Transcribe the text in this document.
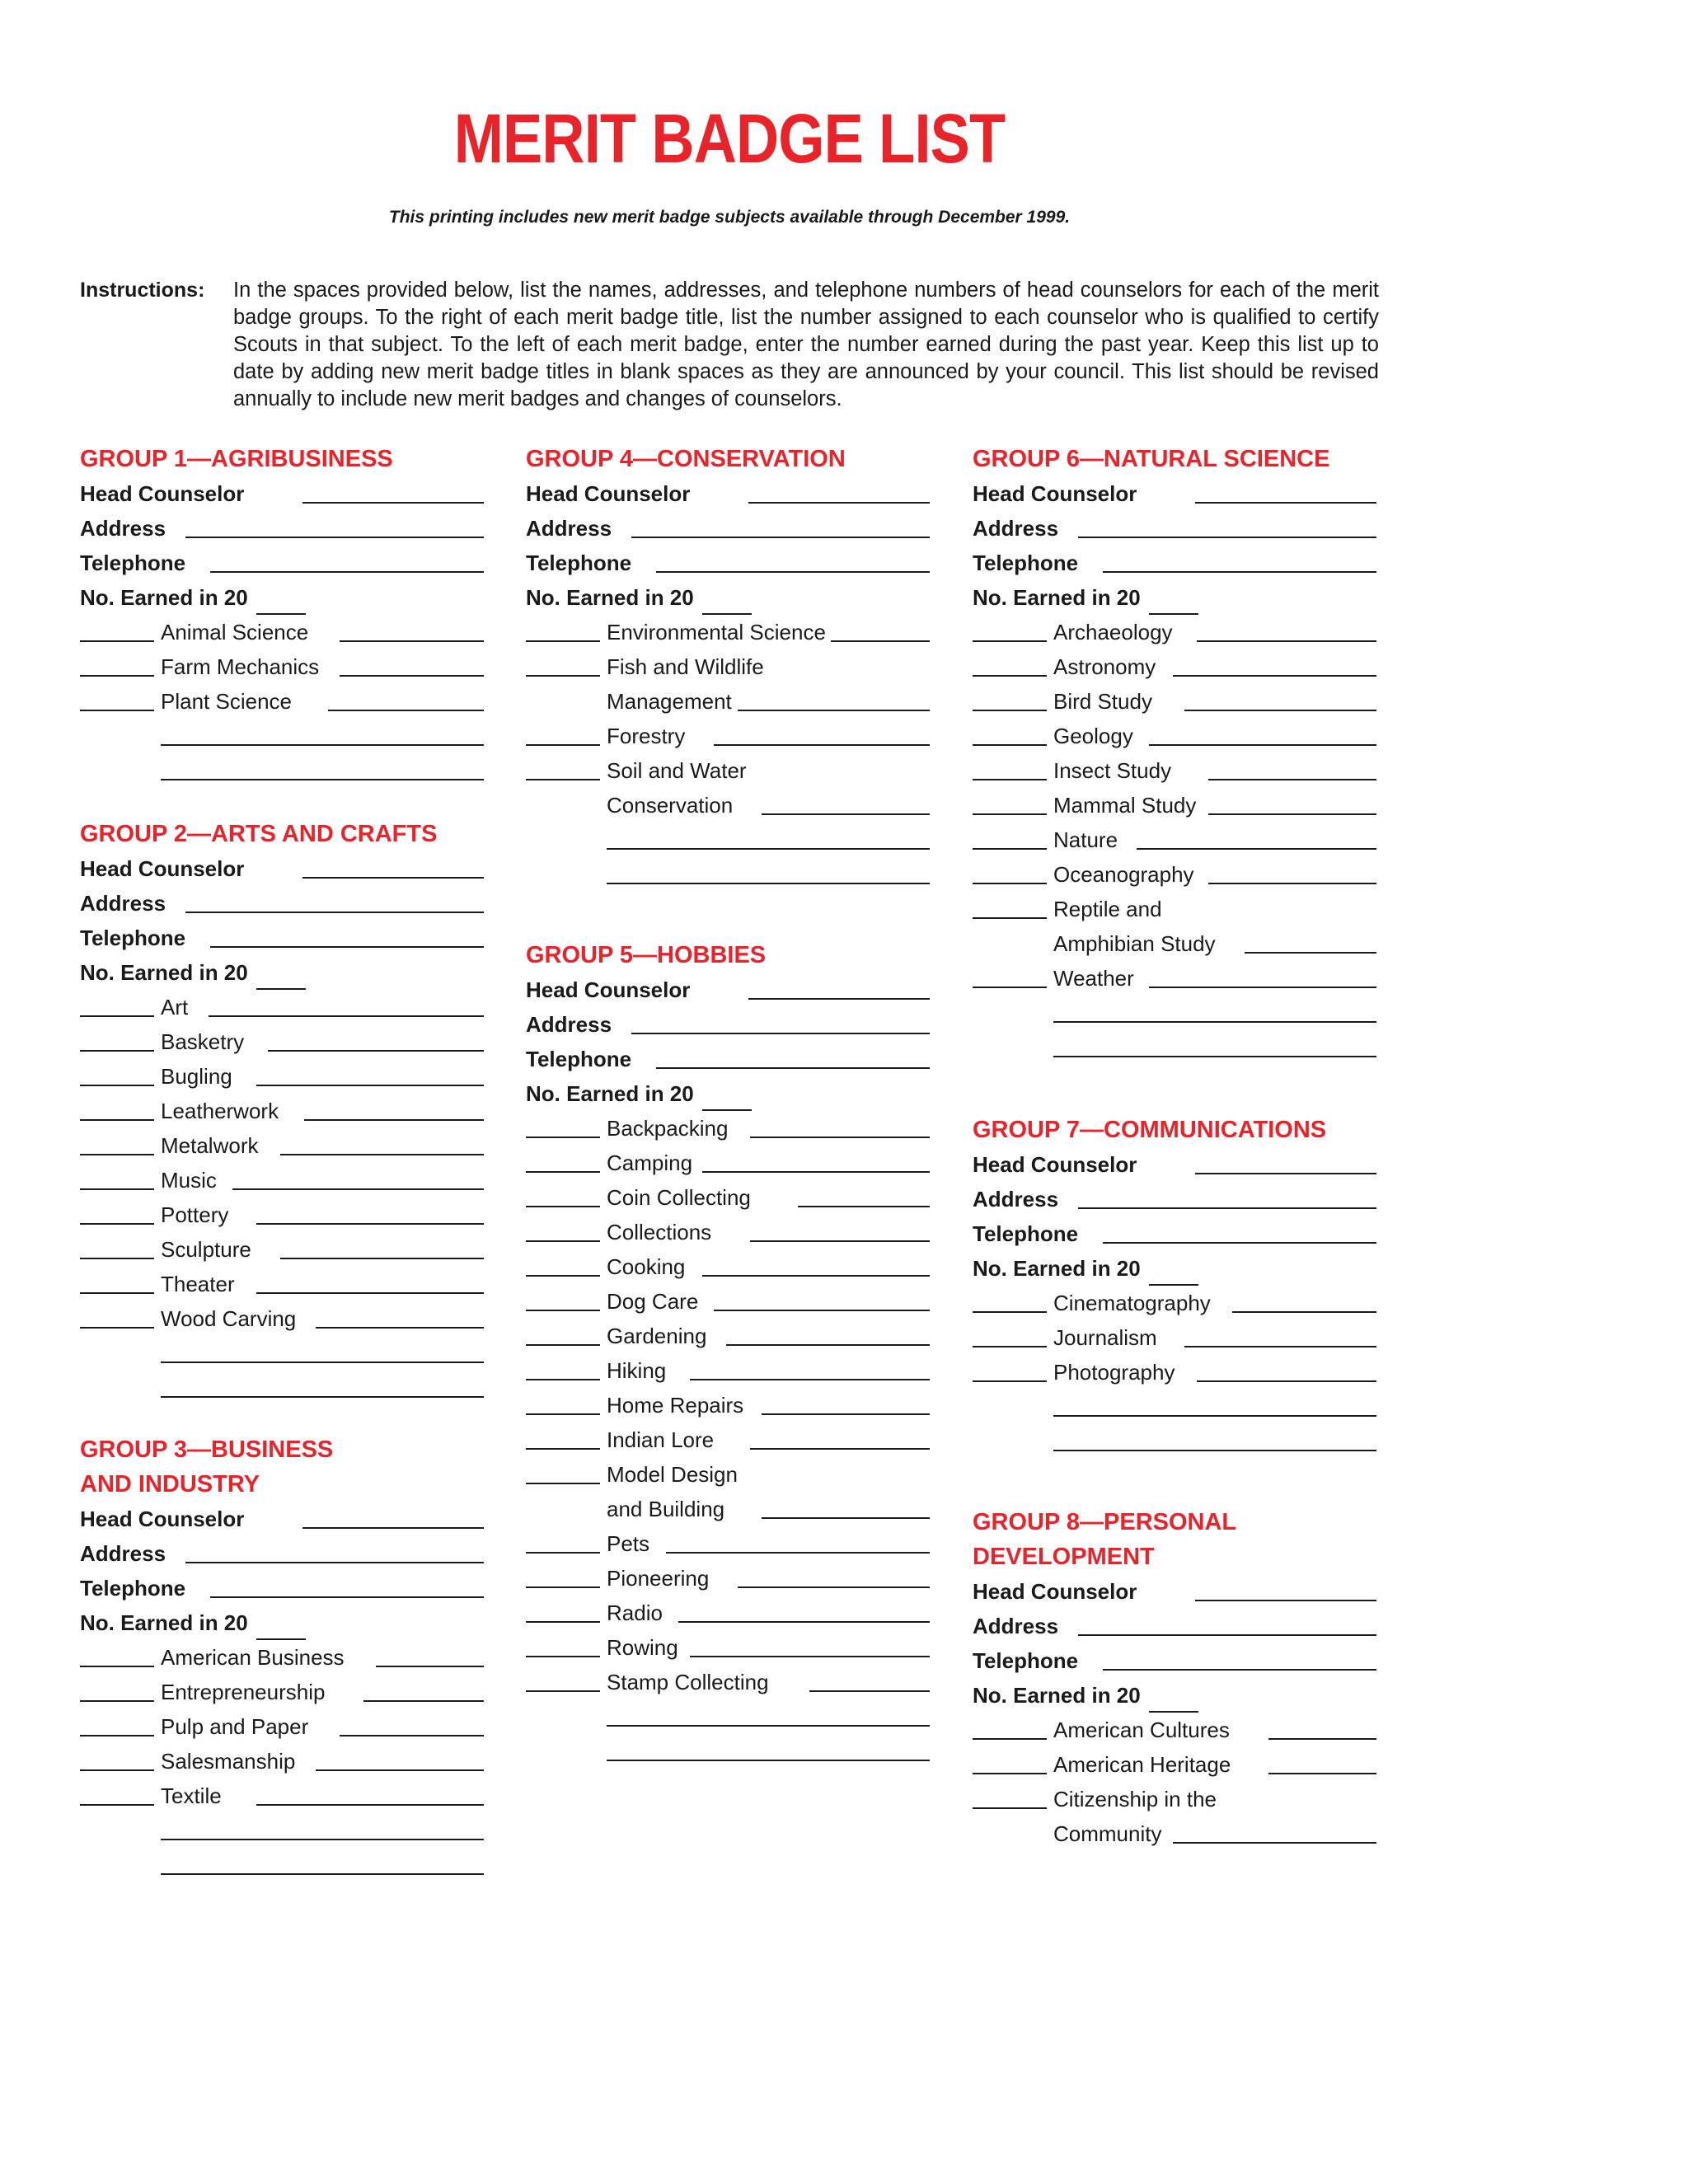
MERIT BADGE LIST
This printing includes new merit badge subjects available through December 1999.
Instructions: In the spaces provided below, list the names, addresses, and telephone numbers of head counselors for each of the merit badge groups. To the right of each merit badge title, list the number assigned to each counselor who is qualified to certify Scouts in that subject. To the left of each merit badge, enter the number earned during the past year. Keep this list up to date by adding new merit badge titles in blank spaces as they are announced by your council. This list should be revised annually to include new merit badges and changes of counselors.
GROUP 1—AGRIBUSINESS
Head Counselor
Address
Telephone
No. Earned in 20
Animal Science
Farm Mechanics
Plant Science
GROUP 2—ARTS AND CRAFTS
Head Counselor
Address
Telephone
No. Earned in 20
Art
Basketry
Bugling
Leatherwork
Metalwork
Music
Pottery
Sculpture
Theater
Wood Carving
GROUP 3—BUSINESS
AND INDUSTRY
Head Counselor
Address
Telephone
No. Earned in 20
American Business
Entrepreneurship
Pulp and Paper
Salesmanship
Textile
GROUP 4—CONSERVATION
Head Counselor
Address
Telephone
No. Earned in 20
Environmental Science
Fish and Wildlife
Management
Forestry
Soil and Water
Conservation
GROUP 5—HOBBIES
Head Counselor
Address
Telephone
No. Earned in 20
Backpacking
Camping
Coin Collecting
Collections
Cooking
Dog Care
Gardening
Hiking
Home Repairs
Indian Lore
Model Design
and Building
Pets
Pioneering
Radio
Rowing
Stamp Collecting
GROUP 6—NATURAL SCIENCE
Head Counselor
Address
Telephone
No. Earned in 20
Archaeology
Astronomy
Bird Study
Geology
Insect Study
Mammal Study
Nature
Oceanography
Reptile and
Amphibian Study
Weather
GROUP 7—COMMUNICATIONS
Head Counselor
Address
Telephone
No. Earned in 20
Cinematography
Journalism
Photography
GROUP 8—PERSONAL
DEVELOPMENT
Head Counselor
Address
Telephone
No. Earned in 20
American Cultures
American Heritage
Citizenship in the
Community
